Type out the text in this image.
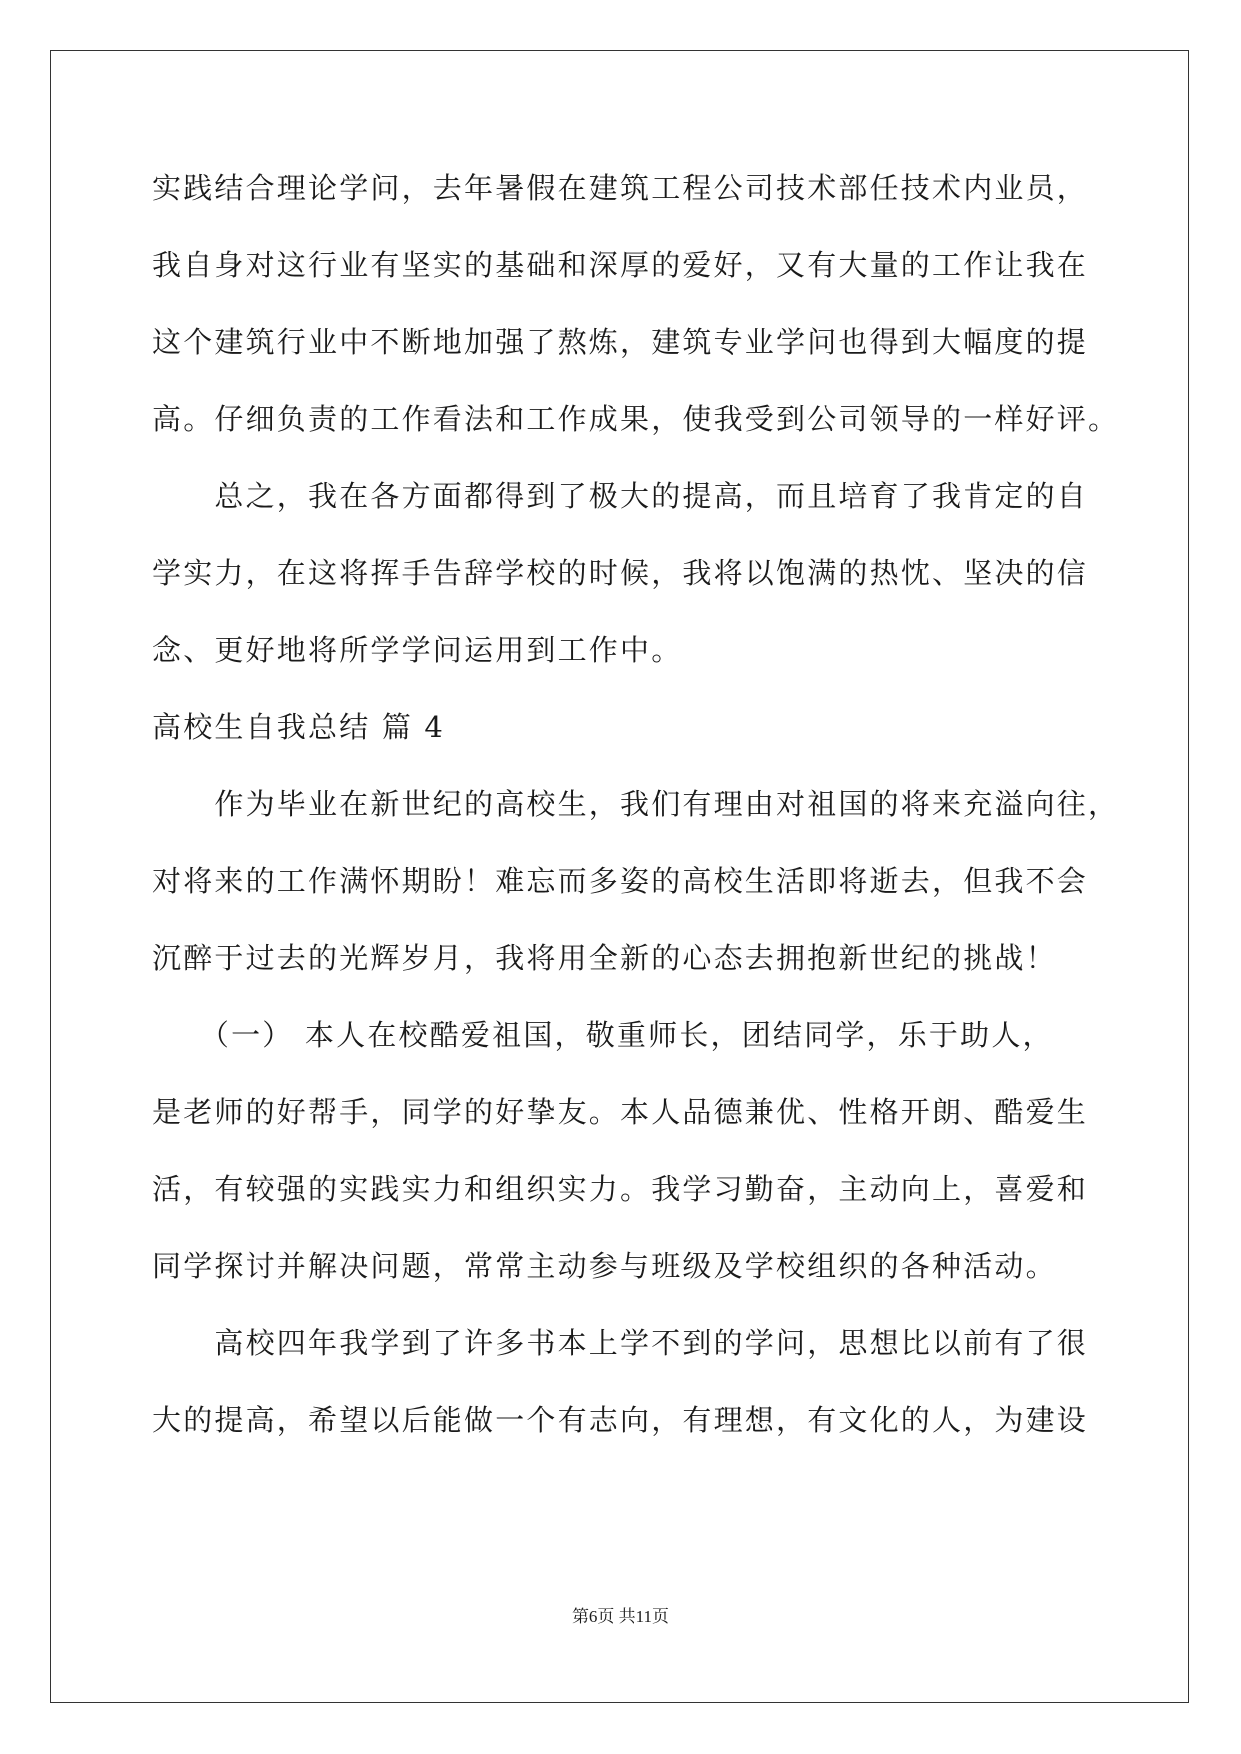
实践结合理论学问，去年暑假在建筑工程公司技术部任技术内业员，
我自身对这行业有坚实的基础和深厚的爱好，又有大量的工作让我在
这个建筑行业中不断地加强了熬炼，建筑专业学问也得到大幅度的提
高。仔细负责的工作看法和工作成果，使我受到公司领导的一样好评。
　　总之，我在各方面都得到了极大的提高，而且培育了我肯定的自
学实力，在这将挥手告辞学校的时候，我将以饱满的热忱、坚决的信
念、更好地将所学学问运用到工作中。
高校生自我总结 篇 4
　　作为毕业在新世纪的高校生，我们有理由对祖国的将来充溢向往，
对将来的工作满怀期盼！难忘而多姿的高校生活即将逝去，但我不会
沉醉于过去的光辉岁月，我将用全新的心态去拥抱新世纪的挑战！
　　（一） 本人在校酷爱祖国，敬重师长，团结同学，乐于助人，
是老师的好帮手，同学的好挚友。本人品德兼优、性格开朗、酷爱生
活，有较强的实践实力和组织实力。我学习勤奋，主动向上，喜爱和
同学探讨并解决问题，常常主动参与班级及学校组织的各种活动。
　　高校四年我学到了许多书本上学不到的学问，思想比以前有了很
大的提高，希望以后能做一个有志向，有理想，有文化的人，为建设
第6页 共11页
